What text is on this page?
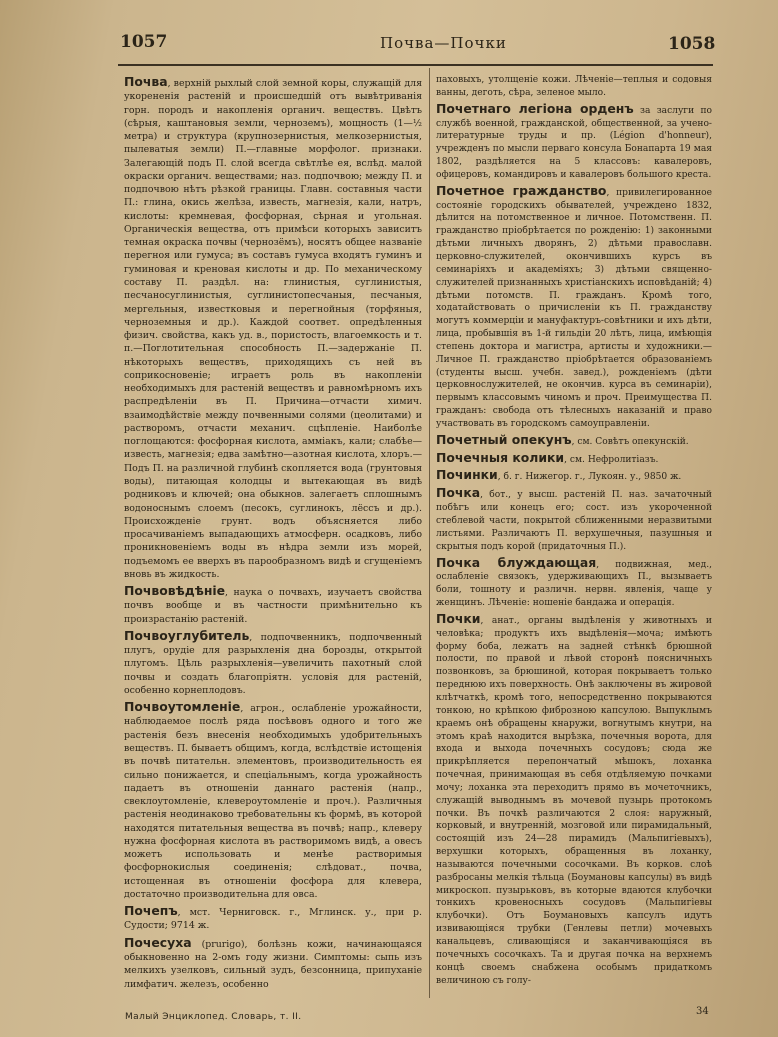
1057	Почва—Почки	1058

Почва, верхній рыхлый слой земной коры, служащій для укорененія растеній и происшедшій отъ вывѣтриванія горн. породъ и накопленія органич. веществъ. Цвѣтъ (сѣрыя, каштановыя земли, черноземъ), мощность (1—½ метра) и структура (крупнозернистыя, мелкозернистыя, пылеватыя земли) П.—главные морфолог. признаки. Залегающій подъ П. слой всегда свѣтлѣе ея, вслѣд. малой окраски органич. веществами; наз. подпочвою; между П. и подпочвою нѣтъ рѣзкой границы. Главн. составныя части П.: глина, окись желѣза, известь, магнезія, кали, натръ, кислоты: кремневая, фосфорная, сѣрная и угольная. Органическія вещества, отъ примѣси которыхъ зависитъ темная окраска почвы (чернозёмъ), носятъ общее названіе перегноя или гумуса; въ составъ гумуса входятъ гуминъ и гуминовая и креновая кислоты и др. По механическому составу П. раздѣл. на: глинистыя, суглинистыя, песчаносуглинистыя, суглинистопесчаныя, песчаныя, мергельныя, известковыя и перегнойныя (торфяныя, черноземныя и др.). Каждой соответ. опредѣленныя физич. свойства, какъ уд. в., пористость, влагоемкость и т. п.—Поглотительная способность П.—задержаніе П. нѣкоторыхъ веществъ, приходящихъ съ ней въ соприкосновеніе; играетъ роль въ накопленіи необходимыхъ для растеній веществъ и равномѣрномъ ихъ распредѣленіи въ П. Причина—отчасти химич. взаимодѣйствіе между почвенными солями (цеолитами) и растворомъ, отчасти механич. сцѣпленіе. Наиболѣе поглощаются: фосфорная кислота, аммiакъ, кали; слабѣе—известь, магнезія; едва замѣтно—азотная кислота, хлоръ.—Подъ П. на различной глубинѣ скопляется вода (грунтовыя воды), питающая колодцы и вытекающая въ видѣ родниковъ и ключей; она обыкнов. залегаетъ сплошнымъ водоноснымъ слоемъ (песокъ, суглинокъ, лёссъ и др.). Происхожденіе грунт. водъ объясняется либо просачиваніемъ выпадающихъ атмосферн. осадковъ, либо проникновеніемъ воды въ нѣдра земли изъ морей, подъемомъ ее вверхъ въ парообразномъ видѣ и сгущеніемъ вновь въ жидкость.

Почвовѣдѣніе, наука о почвахъ, изучаетъ свойства почвъ вообще и въ частности примѣнительно къ произрастанію растеній.

Почвоуглубитель, подпочвенникъ, подпочвенный плугъ, орудіе для разрыхленія дна борозды, открытой плугомъ. Цѣль разрыхленія—увеличить пахотный слой почвы и создать благопріятн. условія для растеній, особенно корнеплодовъ.

Почвоутомленіе, агрон., ослабленіе урожайности, наблюдаемое послѣ ряда посѣвовъ одного и того же растенія безъ внесенія необходимыхъ удобрительныхъ веществъ. П. бываетъ общимъ, когда, вслѣдствіе истощенія въ почвѣ питательн. элементовъ, производительность ея сильно понижается, и спеціальнымъ, когда урожайность падаетъ въ отношеніи даннаго растенія (напр., свеклоутомленіе, клевероутомленіе и проч.). Различныя растенія неодинаково требовательны къ формѣ, въ которой находятся питательныя вещества въ почвѣ; напр., клеверу нужна фосфорная кислота въ растворимомъ видѣ, а овесъ можетъ использовать и менѣе растворимыя фосфорнокислыя соединенія; слѣдоват., почва, истощенная въ отношеніи фосфора для клевера, достаточно производительна для овса.

Почепъ, мст. Черниговск. г., Мглинск. у., при р. Судости; 9714 ж.

Почесуха (prurigo), болѣзнь кожи, начинающаяся обыкновенно на 2-омъ году жизни. Симптомы: сыпь изъ мелкихъ узелковъ, сильный зудъ, безсонница, припуханіе лимфатич. железъ, особенно

паховыхъ, утолщеніе кожи. Лѣченіе—теплыя и содовыя ванны, деготь, сѣра, зеленое мыло.

Почетнаго легіона орденъ за заслуги по службѣ военной, гражданской, общественной, за учено-литературные труды и пр. (Légion d'honneur), учрежденъ по мысли перваго консула Бонапарта 19 мая 1802, раздѣляется на 5 классовъ: кавалеровъ, офицеровъ, командировъ и кавалеровъ большого креста.

Почетное гражданство, привилегированное состояніе городскихъ обывателей, учреждено 1832, дѣлится на потомственное и личное. Потомственн. П. гражданство пріобрѣтается по рожденію: 1) законными дѣтьми личныхъ дворянъ, 2) дѣтьми православн. церковно-служителей, окончившихъ курсъ въ семинаріяхъ и академіяхъ; 3) дѣтьми священно-служителей признанныхъ христіанскихъ исповѣданій; 4) дѣтьми потомств. П. гражданъ. Кромѣ того, ходатайствовать о причисленіи къ П. гражданству могутъ коммерціи и мануфактуръ-совѣтники и ихъ дѣти, лица, пробывшія въ 1-й гильдіи 20 лѣтъ, лица, имѣющія степень доктора и магистра, артисты и художники.—Личное П. гражданство пріобрѣтается образованіемъ (студенты высш. учебн. завед.), рожденіемъ (дѣти церковнослужителей, не окончив. курса въ семинаріи), первымъ классовымъ чиномъ и проч. Преимущества П. гражданъ: свобода отъ тѣлесныхъ наказаній и право участвовать въ городскомъ самоуправленіи.

Почетный опекунъ, см. Совѣтъ опекунскій.

Почечныя колики, см. Нефролитіазъ.

Починки, б. г. Нижегор. г., Лукоян. у., 9850 ж.

Почка, бот., у высш. растеній П. наз. зачаточный побѣгъ или конецъ его; сост. изъ укороченной стеблевой части, покрытой сближенными неразвитыми листьями. Различаютъ П. верхушечныя, пазушныя и скрытыя подъ корой (придаточныя П.).

Почка блуждающая, подвижная, мед., ослабленіе связокъ, удерживающихъ П., вызываетъ боли, тошноту и различн. нервн. явленія, чаще у женщинъ. Лѣченіе: ношеніе бандажа и операція.

Почки, анат., органы выдѣленія у животныхъ и человѣка; продуктъ ихъ выдѣленія—моча; имѣютъ форму боба, лежатъ на задней стѣнкѣ брюшной полости, по правой и лѣвой сторонѣ поясничныхъ позвонковъ, за брюшиной, которая покрываетъ только переднюю ихъ поверхность. Онѣ заключены въ жировой клѣтчаткѣ, кромѣ того, непосредственно покрываются тонкою, но крѣпкою фиброзною капсулою. Выпуклымъ краемъ онѣ обращены кнаружи, вогнутымъ кнутри, на этомъ краѣ находится вырѣзка, почечныя ворота, для входа и выхода почечныхъ сосудовъ; сюда же прикрѣпляется перепончатый мѣшокъ, лоханка почечная, принимающая въ себя отдѣляемую почками мочу; лоханка эта переходитъ прямо въ мочеточникъ, служащій выводнымъ въ мочевой пузырь протокомъ почки. Въ почкѣ различаются 2 слоя: наружный, корковый, и внутренній, мозговой или пирамидальный, состоящій изъ 24—28 пирамидъ (Мальпигіевыхъ), верхушки которыхъ, обращенныя въ лоханку, называются почечными сосочками. Въ корков. слоѣ разбросаны мелкія тѣльца (Боумановы капсулы) въ видѣ микроскоп. пузырьковъ, въ которые вдаются клубочки тонкихъ кровеносныхъ сосудовъ (Мальпигіевы клубочки). Отъ Боумановыхъ капсулъ идутъ извивающіяся трубки (Генлевы петли) мочевыхъ канальцевъ, сливающіяся и заканчивающіяся въ почечныхъ сосочкахъ. Та и другая почка на верхнемъ концѣ своемъ снабжена особымъ придаткомъ величиною съ голу-

Малый Энциклопед. Словарь, т. II.	34
